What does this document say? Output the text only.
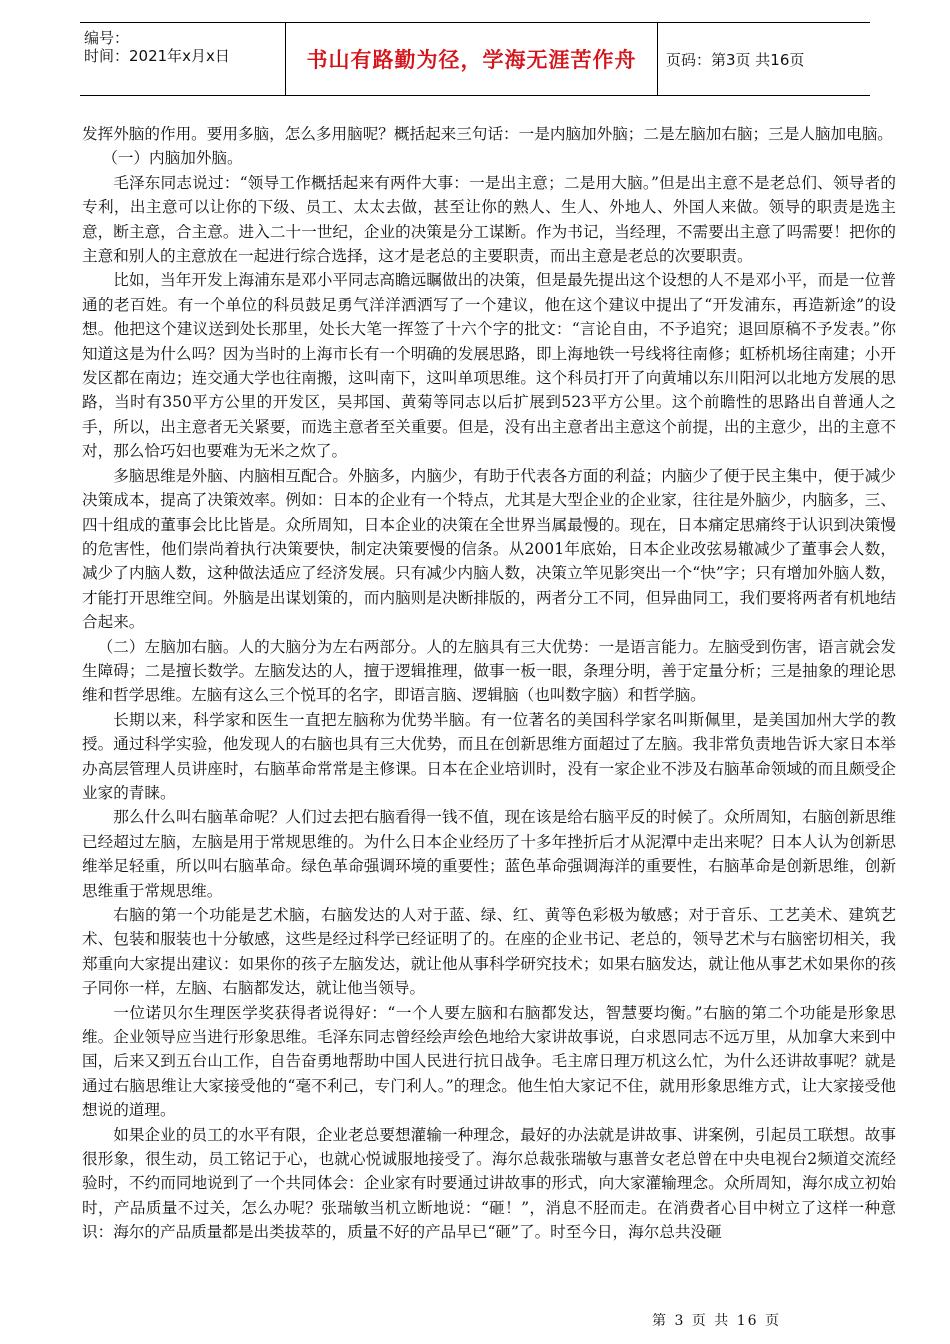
编号：
时间：2021年x月x日	书山有路勤为径，学海无涯苦作舟	页码：第3页 共16页

发挥外脑的作用。要用多脑，怎么多用脑呢？概括起来三句话：一是内脑加外脑；二是左脑加右脑；三是人脑加电脑。

（一）内脑加外脑。

毛泽东同志说过：“领导工作概括起来有两件大事：一是出主意；二是用大脑。”但是出主意不是老总们、领导者的专利，出主意可以让你的下级、员工、太太去做，甚至让你的熟人、生人、外地人、外国人来做。领导的职责是选主意，断主意，合主意。进入二十一世纪，企业的决策是分工谋断。作为书记，当经理，不需要出主意了吗需要！把你的主意和别人的主意放在一起进行综合选择，这才是老总的主要职责，而出主意是老总的次要职责。

比如，当年开发上海浦东是邓小平同志高瞻远瞩做出的决策，但是最先提出这个设想的人不是邓小平，而是一位普通的老百姓。有一个单位的科员鼓足勇气洋洋洒洒写了一个建议，他在这个建议中提出了“开发浦东，再造新途”的设想。他把这个建议送到处长那里，处长大笔一挥签了十六个字的批文：“言论自由，不予追究；退回原稿不予发表。”你知道这是为什么吗？因为当时的上海市长有一个明确的发展思路，即上海地铁一号线将往南修；虹桥机场往南建；小开发区都在南边；连交通大学也往南搬，这叫南下，这叫单项思维。这个科员打开了向黄埔以东川阳河以北地方发展的思路，当时有350平方公里的开发区，吴邦国、黄菊等同志以后扩展到523平方公里。这个前瞻性的思路出自普通人之手，所以，出主意者无关紧要，而选主意者至关重要。但是，没有出主意者出主意这个前提，出的主意少，出的主意不对，那么恰巧妇也要难为无米之炊了。

多脑思维是外脑、内脑相互配合。外脑多，内脑少，有助于代表各方面的利益；内脑少了便于民主集中，便于减少决策成本，提高了决策效率。例如：日本的企业有一个特点，尤其是大型企业的企业家，往往是外脑少，内脑多，三、四十组成的董事会比比皆是。众所周知，日本企业的决策在全世界当属最慢的。现在，日本痛定思痛终于认识到决策慢的危害性，他们崇尚着执行决策要快，制定决策要慢的信条。从2001年底始，日本企业改弦易辙减少了董事会人数，减少了内脑人数，这种做法适应了经济发展。只有减少内脑人数，决策立竿见影突出一个“快”字；只有增加外脑人数，才能打开思维空间。外脑是出谋划策的，而内脑则是决断排版的，两者分工不同，但异曲同工，我们要将两者有机地结合起来。

（二）左脑加右脑。人的大脑分为左右两部分。人的左脑具有三大优势：一是语言能力。左脑受到伤害，语言就会发生障碍；二是擅长数学。左脑发达的人，擅于逻辑推理，做事一板一眼，条理分明，善于定量分析；三是抽象的理论思维和哲学思维。左脑有这么三个悦耳的名字，即语言脑、逻辑脑（也叫数字脑）和哲学脑。

长期以来，科学家和医生一直把左脑称为优势半脑。有一位著名的美国科学家名叫斯佩里，是美国加州大学的教授。通过科学实验，他发现人的右脑也具有三大优势，而且在创新思维方面超过了左脑。我非常负责地告诉大家日本举办高层管理人员讲座时，右脑革命常常是主修课。日本在企业培训时，没有一家企业不涉及右脑革命领域的而且颇受企业家的青睐。

那么什么叫右脑革命呢？人们过去把右脑看得一钱不值，现在该是给右脑平反的时候了。众所周知，右脑创新思维已经超过左脑，左脑是用于常规思维的。为什么日本企业经历了十多年挫折后才从泥潭中走出来呢？日本人认为创新思维举足轻重，所以叫右脑革命。绿色革命强调环境的重要性；蓝色革命强调海洋的重要性，右脑革命是创新思维，创新思维重于常规思维。

右脑的第一个功能是艺术脑，右脑发达的人对于蓝、绿、红、黄等色彩极为敏感；对于音乐、工艺美术、建筑艺术、包装和服装也十分敏感，这些是经过科学已经证明了的。在座的企业书记、老总的，领导艺术与右脑密切相关，我郑重向大家提出建议：如果你的孩子左脑发达，就让他从事科学研究技术；如果右脑发达，就让他从事艺术如果你的孩子同你一样，左脑、右脑都发达，就让他当领导。

一位诺贝尔生理医学奖获得者说得好：“一个人要左脑和右脑都发达，智慧要均衡。”右脑的第二个功能是形象思维。企业领导应当进行形象思维。毛泽东同志曾经绘声绘色地给大家讲故事说，白求恩同志不远万里，从加拿大来到中国，后来又到五台山工作，自告奋勇地帮助中国人民进行抗日战争。毛主席日理万机这么忙，为什么还讲故事呢？就是通过右脑思维让大家接受他的“毫不利己，专门利人。”的理念。他生怕大家记不住，就用形象思维方式，让大家接受他想说的道理。

如果企业的员工的水平有限，企业老总要想灌输一种理念，最好的办法就是讲故事、讲案例，引起员工联想。故事很形象，很生动，员工铭记于心，也就心悦诚服地接受了。海尔总裁张瑞敏与惠普女老总曾在中央电视台2频道交流经验时，不约而同地说到了一个共同体会：企业家有时要通过讲故事的形式，向大家灌输理念。众所周知，海尔成立初始时，产品质量不过关，怎么办呢？张瑞敏当机立断地说：“砸！”，消息不胫而走。在消费者心目中树立了这样一种意识：海尔的产品质量都是出类拔萃的，质量不好的产品早已“砸”了。时至今日，海尔总共没砸

第 3 页 共 16 页
